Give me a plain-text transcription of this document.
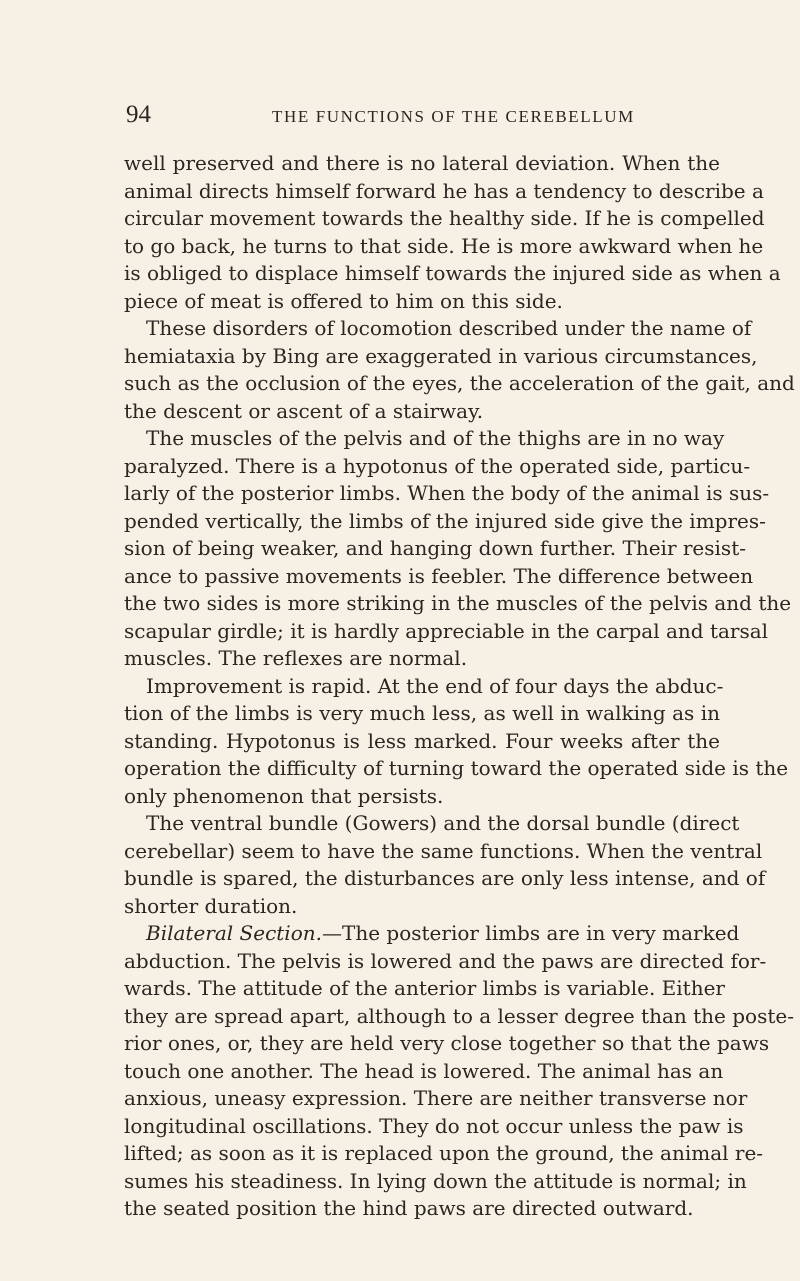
94	THE FUNCTIONS OF THE CEREBELLUM
well preserved and there is no lateral deviation. When the
animal directs himself forward he has a tendency to describe a
circular movement towards the healthy side. If he is compelled
to go back, he turns to that side. He is more awkward when he
is obliged to displace himself towards the injured side as when a
piece of meat is offered to him on this side.
These disorders of locomotion described under the name of
hemiataxia by Bing are exaggerated in various circumstances,
such as the occlusion of the eyes, the acceleration of the gait, and
the descent or ascent of a stairway.
The muscles of the pelvis and of the thighs are in no way
paralyzed. There is a hypotonus of the operated side, particu-
larly of the posterior limbs. When the body of the animal is sus-
pended vertically, the limbs of the injured side give the impres-
sion of being weaker, and hanging down further. Their resist-
ance to passive movements is feebler. The difference between
the two sides is more striking in the muscles of the pelvis and the
scapular girdle; it is hardly appreciable in the carpal and tarsal
muscles. The reflexes are normal.
Improvement is rapid. At the end of four days the abduc-
tion of the limbs is very much less, as well in walking as in
standing. Hypotonus is less marked. Four weeks after the
operation the difficulty of turning toward the operated side is the
only phenomenon that persists.
The ventral bundle (Gowers) and the dorsal bundle (direct
cerebellar) seem to have the same functions. When the ventral
bundle is spared, the disturbances are only less intense, and of
shorter duration.
Bilateral Section.—The posterior limbs are in very marked
abduction. The pelvis is lowered and the paws are directed for-
wards. The attitude of the anterior limbs is variable. Either
they are spread apart, although to a lesser degree than the poste-
rior ones, or, they are held very close together so that the paws
touch one another. The head is lowered. The animal has an
anxious, uneasy expression. There are neither transverse nor
longitudinal oscillations. They do not occur unless the paw is
lifted; as soon as it is replaced upon the ground, the animal re-
sumes his steadiness. In lying down the attitude is normal; in
the seated position the hind paws are directed outward.
